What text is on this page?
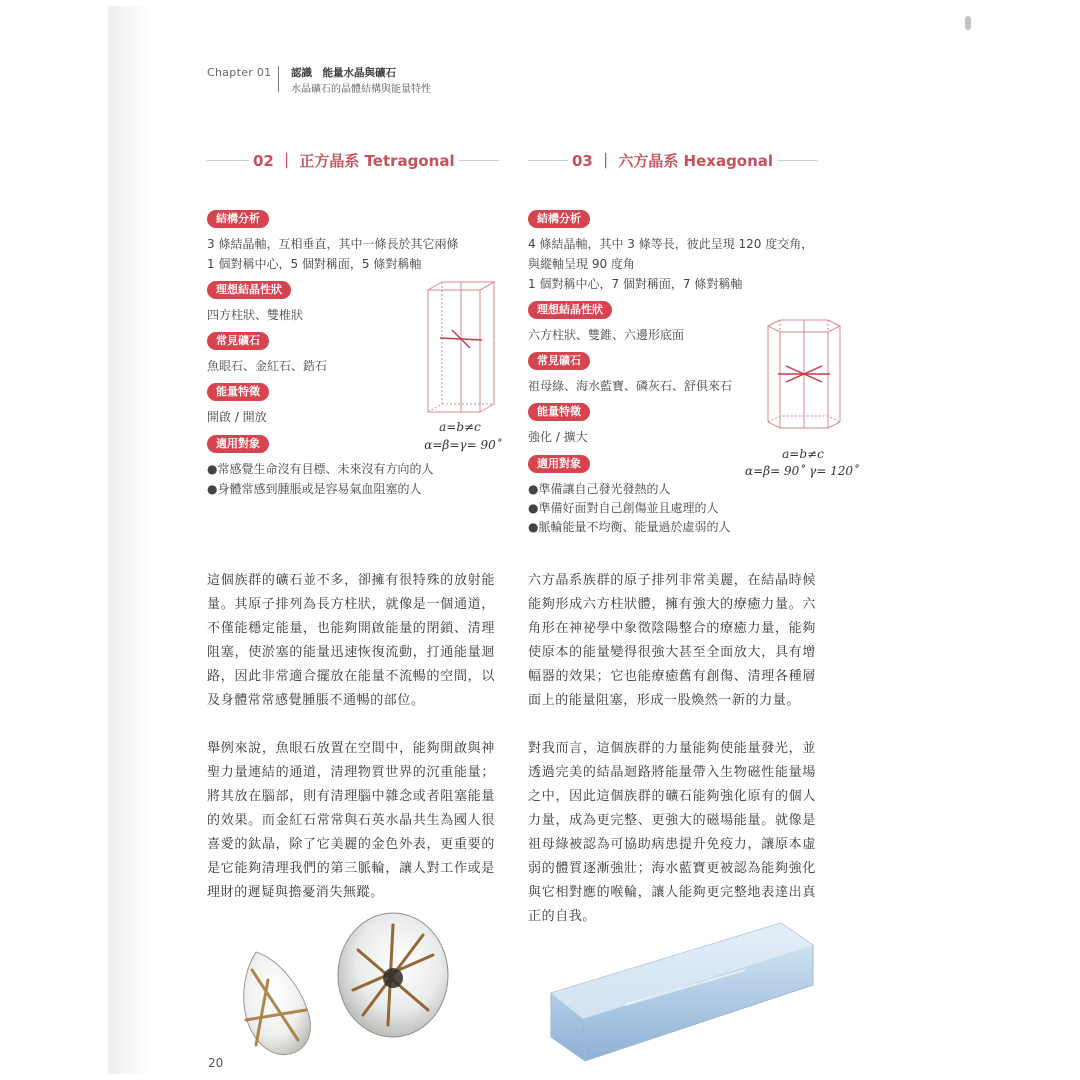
Chapter 01 認識　能量水晶與礦石
水晶礦石的晶體結構與能量特性
02 ｜ 正方晶系 Tetragonal	03 ｜ 六方晶系 Hexagonal
結構分析
3 條結晶軸，互相垂直，其中一條長於其它兩條
1 個對稱中心，5 個對稱面，5 條對稱軸
理想結晶性狀
四方柱狀、雙椎狀
常見礦石
魚眼石、金紅石、鋯石
能量特徵
開啟 / 開放
適用對象
●常感覺生命沒有目標、未來沒有方向的人
●身體常感到腫脹或是容易氣血阻塞的人
a=b≠c
α=β=γ= 90˚
結構分析
4 條結晶軸，其中 3 條等長，彼此呈現 120 度交角，
與縱軸呈現 90 度角
1 個對稱中心，7 個對稱面，7 條對稱軸
理想結晶性狀
六方柱狀、雙錐、六邊形底面
常見礦石
祖母綠、海水藍寶、磷灰石、舒俱來石
能量特徵
強化 / 擴大
適用對象
●準備讓自己發光發熱的人
●準備好面對自己創傷並且處理的人
●脈輪能量不均衡、能量過於虛弱的人
a=b≠c
α=β= 90˚ γ= 120˚
這個族群的礦石並不多，卻擁有很特殊的放射能量。其原子排列為長方柱狀，就像是一個通道，不僅能穩定能量，也能夠開啟能量的閉鎖、清理阻塞，使淤塞的能量迅速恢復流動，打通能量迴路，因此非常適合擺放在能量不流暢的空間，以及身體常常感覺腫脹不通暢的部位。
舉例來說，魚眼石放置在空間中，能夠開啟與神聖力量連結的通道，清理物質世界的沉重能量；將其放在腦部，則有清理腦中雜念或者阻塞能量的效果。而金紅石常常與石英水晶共生為國人很喜愛的鈦晶，除了它美麗的金色外表，更重要的是它能夠清理我們的第三脈輪，讓人對工作或是理財的遲疑與擔憂消失無蹤。
六方晶系族群的原子排列非常美麗，在結晶時候能夠形成六方柱狀體，擁有強大的療癒力量。六角形在神祕學中象徵陰陽整合的療癒力量，能夠使原本的能量變得很強大甚至全面放大，具有增幅器的效果；它也能療癒舊有創傷、清理各種層面上的能量阻塞，形成一股煥然一新的力量。
對我而言，這個族群的力量能夠使能量發光，並透過完美的結晶迴路將能量帶入生物磁性能量場之中，因此這個族群的礦石能夠強化原有的個人力量，成為更完整、更強大的磁場能量。就像是祖母綠被認為可協助病患提升免疫力，讓原本虛弱的體質逐漸強壯；海水藍寶更被認為能夠強化與它相對應的喉輪，讓人能夠更完整地表達出真正的自我。
20
